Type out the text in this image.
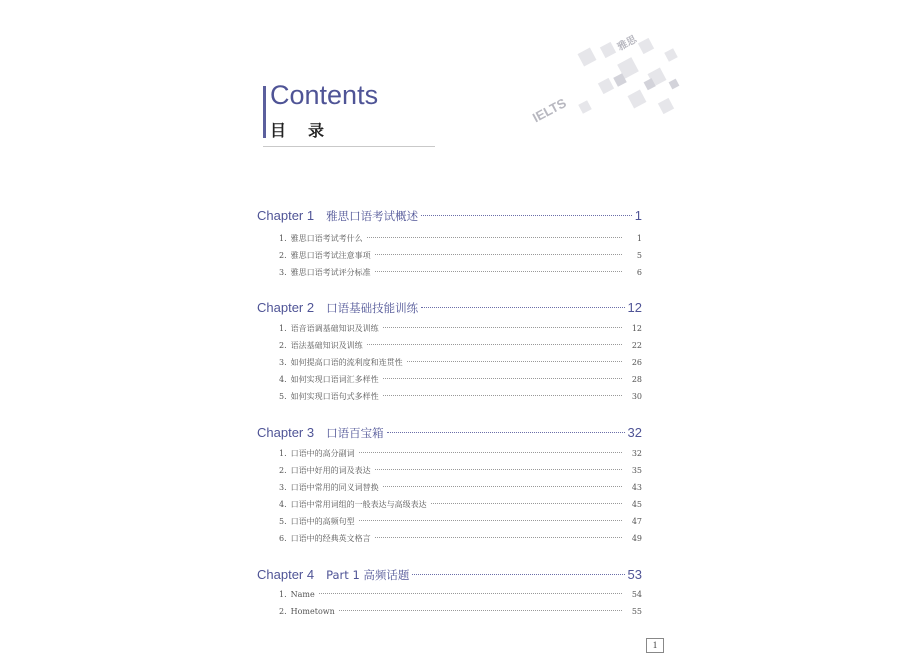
IELTS
雅思
Contents
目录
Chapter 1 雅思口语考试概述	1
1. 雅思口语考试考什么	1
2. 雅思口语考试注意事项	5
3. 雅思口语考试评分标准	6
Chapter 2 口语基础技能训练	12
1. 语音语调基础知识及训练	12
2. 语法基础知识及训练	22
3. 如何提高口语的流利度和连贯性	26
4. 如何实现口语词汇多样性	28
5. 如何实现口语句式多样性	30
Chapter 3 口语百宝箱	32
1. 口语中的高分副词	32
2. 口语中好用的词及表达	35
3. 口语中常用的同义词替换	43
4. 口语中常用词组的一般表达与高级表达	45
5. 口语中的高频句型	47
6. 口语中的经典英文格言	49
Chapter 4 Part 1 高频话题	53
1. Name	54
2. Hometown	55
1
